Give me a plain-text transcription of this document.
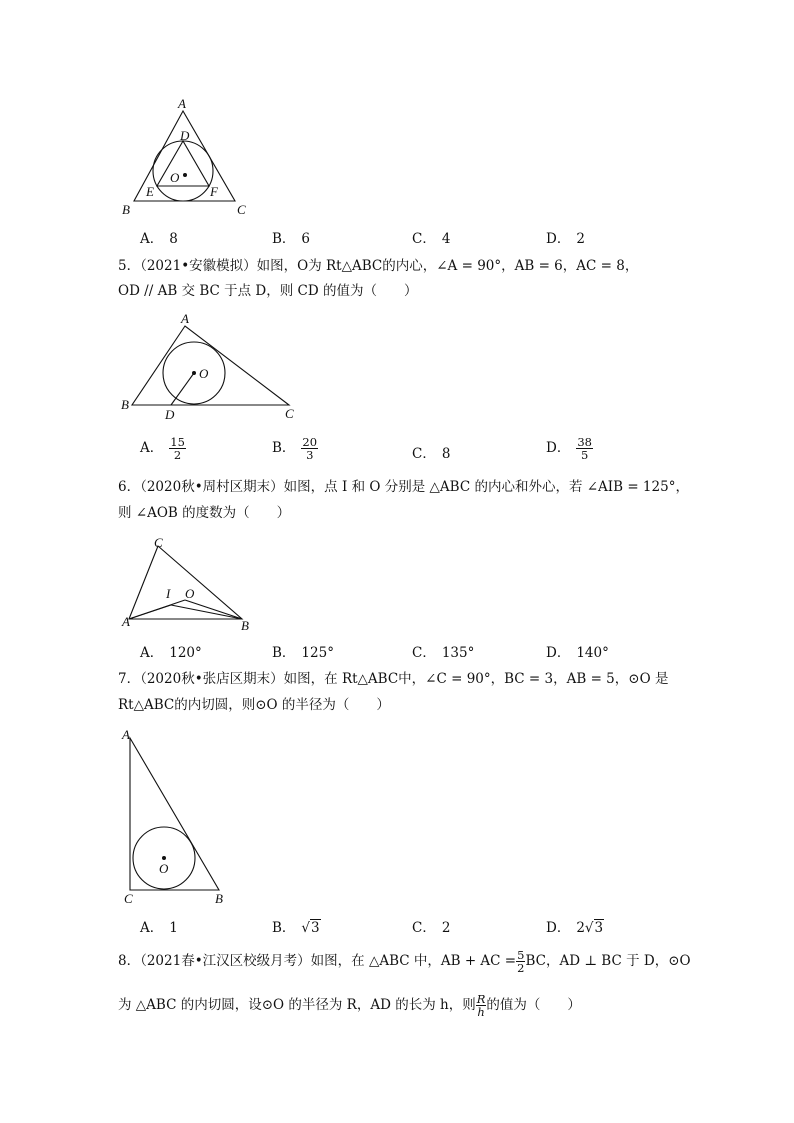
A
D
O
E	F
B	C
A． 8	B． 6	C． 4	D． 2
5．（2021•安徽模拟）如图，O为 Rt△ABC的内心，∠A = 90°，AB = 6，AC = 8，
OD // AB 交 BC 于点 D，则 CD 的值为（　　）
A
O
B
D	C
A． $\frac{15}{2}$	B． $\frac{20}{3}$	C． 8	D． $\frac{38}{5}$
6．（2020秋•周村区期末）如图，点 I 和 O 分别是 △ABC 的内心和外心，若 ∠AIB = 125°，
则 ∠AOB 的度数为（　　）
C
I O
A	B
A． 120°	B． 125°	C． 135°	D． 140°
7．（2020秋•张店区期末）如图，在 Rt△ABC中，∠C = 90°，BC = 3，AB = 5，⊙O 是
Rt△ABC的内切圆，则⊙O 的半径为（　　）
A
O
C	B
A． 1	B． √3	C． 2	D． 2√3
8．（2021春•江汉区校级月考）如图，在 △ABC 中，AB + AC = $\frac{5}{2}$ BC，AD ⊥ BC 于 D，⊙O
为 △ABC 的内切圆，设⊙O 的半径为 R，AD 的长为 h，则 $\frac{R}{h}$ 的值为（　　）
